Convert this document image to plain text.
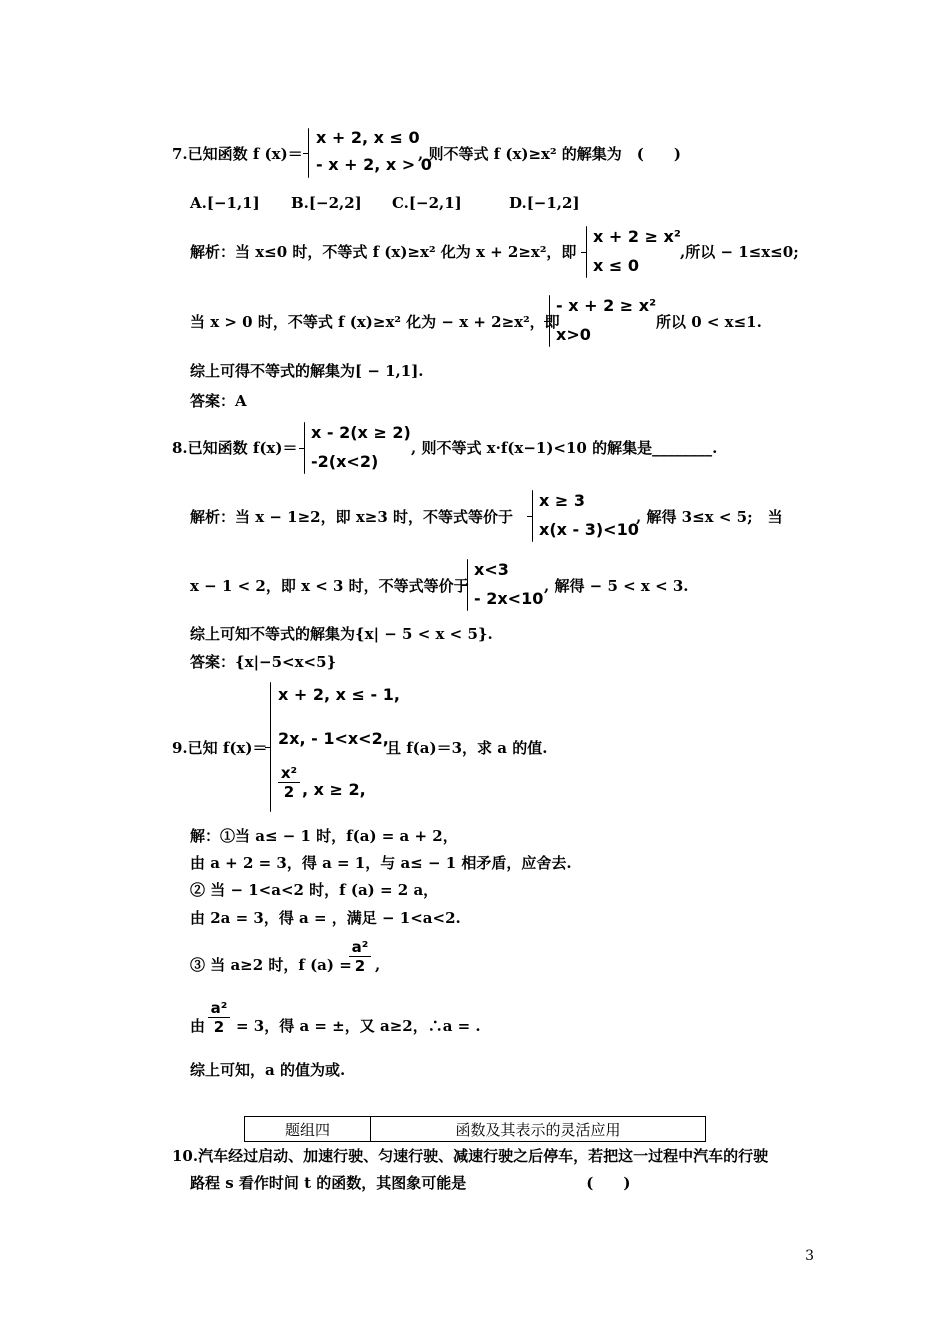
7.已知函数 f (x)＝
x + 2, x ≤ 0
- x + 2, x > 0
, 则不等式 f (x)≥x² 的解集为　(　　)
A.[−1,1] B.[−2,2] C.[−2,1]	D.[−1,2]
解析：当 x≤0 时，不等式 f (x)≥x² 化为 x + 2≥x²，即
x + 2 ≥ x²
x ≤ 0
,所以 − 1≤x≤0;
当 x > 0 时，不等式 f (x)≥x² 化为 − x + 2≥x²，即
- x + 2 ≥ x²
x>0
所以 0 < x≤1.
综上可得不等式的解集为[ − 1,1].
答案：A
8.已知函数 f(x)＝
x - 2(x ≥ 2)
-2(x<2)
, 则不等式 x·f(x−1)<10 的解集是________.
解析：当 x − 1≥2，即 x≥3 时，不等式等价于
x ≥ 3
x(x - 3)<10
, 解得 3≤x < 5;　当
x − 1 < 2，即 x < 3 时，不等式等价于
x<3
- 2x<10
, 解得 − 5 < x < 3.
综上可知不等式的解集为{x| − 5 < x < 5}.
答案：{x|−5<x<5}
9.已知 f(x)＝
x + 2, x ≤ - 1,
2x, - 1<x<2,
x²
2 , x ≥ 2,
且 f(a)＝3，求 a 的值.
解：①当 a≤ − 1 时，f(a) = a + 2，
由 a + 2 = 3，得 a = 1，与 a≤ − 1 相矛盾，应舍去.
② 当 − 1<a<2 时，f (a) = 2 a，
由 2a = 3，得 a = ，满足 − 1<a<2.
③ 当 a≥2 时，f (a) =
a²
2 ,
由
a²
2 = 3，得 a = ±，又 a≥2，∴a = .
综上可知，a 的值为或.
题组四	函数及其表示的灵活应用
10.汽车经过启动、加速行驶、匀速行驶、减速行驶之后停车，若把这一过程中汽车的行驶
路程 s 看作时间 t 的函数，其图象可能是　　　　　　　　(　　)
3
